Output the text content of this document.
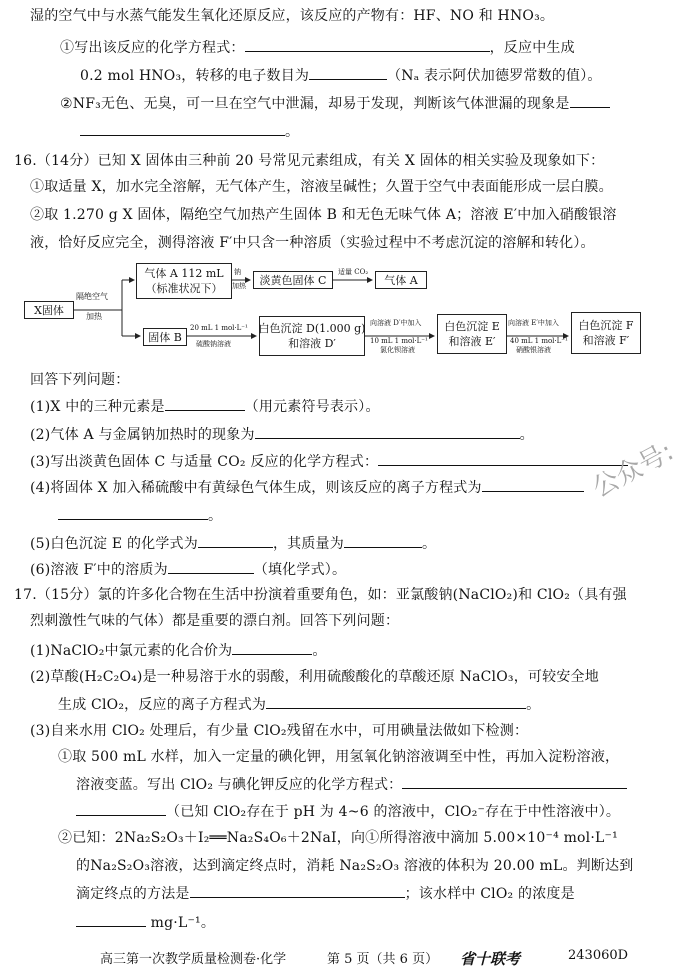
湿的空气中与水蒸气能发生氧化还原反应，该反应的产物有：HF、NO 和 HNO₃。
①写出该反应的化学方程式：	，反应中生成
0.2 mol HNO₃，转移的电子数目为	（Nₐ 表示阿伏加德罗常数的值）。
②NF₃无色、无臭，可一旦在空气中泄漏，却易于发现，判断该气体泄漏的现象是
。
16.（14分）已知 X 固体由三种前 20 号常见元素组成，有关 X 固体的相关实验及现象如下：
①取适量 X，加水完全溶解，无气体产生，溶液呈碱性；久置于空气中表面能形成一层白膜。
②取 1.270 g X 固体，隔绝空气加热产生固体 B 和无色无味气体 A；溶液 E′中加入硝酸银溶
液，恰好反应完全，测得溶液 F′中只含一种溶质（实验过程中不考虑沉淀的溶解和转化）。
X固体
隔绝空气
加热
气体 A 112 mL
（标准状况下）
钠
加热 淡黄色固体 C
适量 CO₂
气体 A
固体 B
20 mL 1 mol·L⁻¹
硫酸钠溶液
白色沉淀 D(1.000 g)
和溶液 D′
向溶液 D′中加入
10 mL 1 mol·L⁻¹
氯化钡溶液
白色沉淀 E
和溶液 E′
向溶液 E′中加入
40 mL 1 mol·L⁻¹
硝酸银溶液
白色沉淀 F
和溶液 F′
回答下列问题：
(1)X 中的三种元素是	（用元素符号表示）。
(2)气体 A 与金属钠加热时的现象为	。
(3)写出淡黄色固体 C 与适量 CO₂ 反应的化学方程式：
(4)将固体 X 加入稀硫酸中有黄绿色气体生成，则该反应的离子方程式为
。
(5)白色沉淀 E 的化学式为	，其质量为	。
(6)溶液 F′中的溶质为	（填化学式）。
17.（15分）氯的许多化合物在生活中扮演着重要角色，如：亚氯酸钠(NaClO₂)和 ClO₂（具有强
烈刺激性气味的气体）都是重要的漂白剂。回答下列问题：
(1)NaClO₂中氯元素的化合价为	。
(2)草酸(H₂C₂O₄)是一种易溶于水的弱酸，利用硫酸酸化的草酸还原 NaClO₃，可较安全地
生成 ClO₂，反应的离子方程式为	。
(3)自来水用 ClO₂ 处理后，有少量 ClO₂残留在水中，可用碘量法做如下检测：
①取 500 mL 水样，加入一定量的碘化钾，用氢氧化钠溶液调至中性，再加入淀粉溶液，
溶液变蓝。写出 ClO₂ 与碘化钾反应的化学方程式：
（已知 ClO₂存在于 pH 为 4~6 的溶液中，ClO₂⁻存在于中性溶液中）。
②已知：2Na₂S₂O₃＋I₂══Na₂S₄O₆＋2NaI，向①所得溶液中滴加 5.00×10⁻⁴ mol·L⁻¹
的Na₂S₂O₃溶液，达到滴定终点时，消耗 Na₂S₂O₃ 溶液的体积为 20.00 mL。判断达到
滴定终点的方法是	；该水样中 ClO₂ 的浓度是
mg·L⁻¹。
公众号:
高三第一次教学质量检测卷·化学	第 5 页（共 6 页） 省十联考	243060D
